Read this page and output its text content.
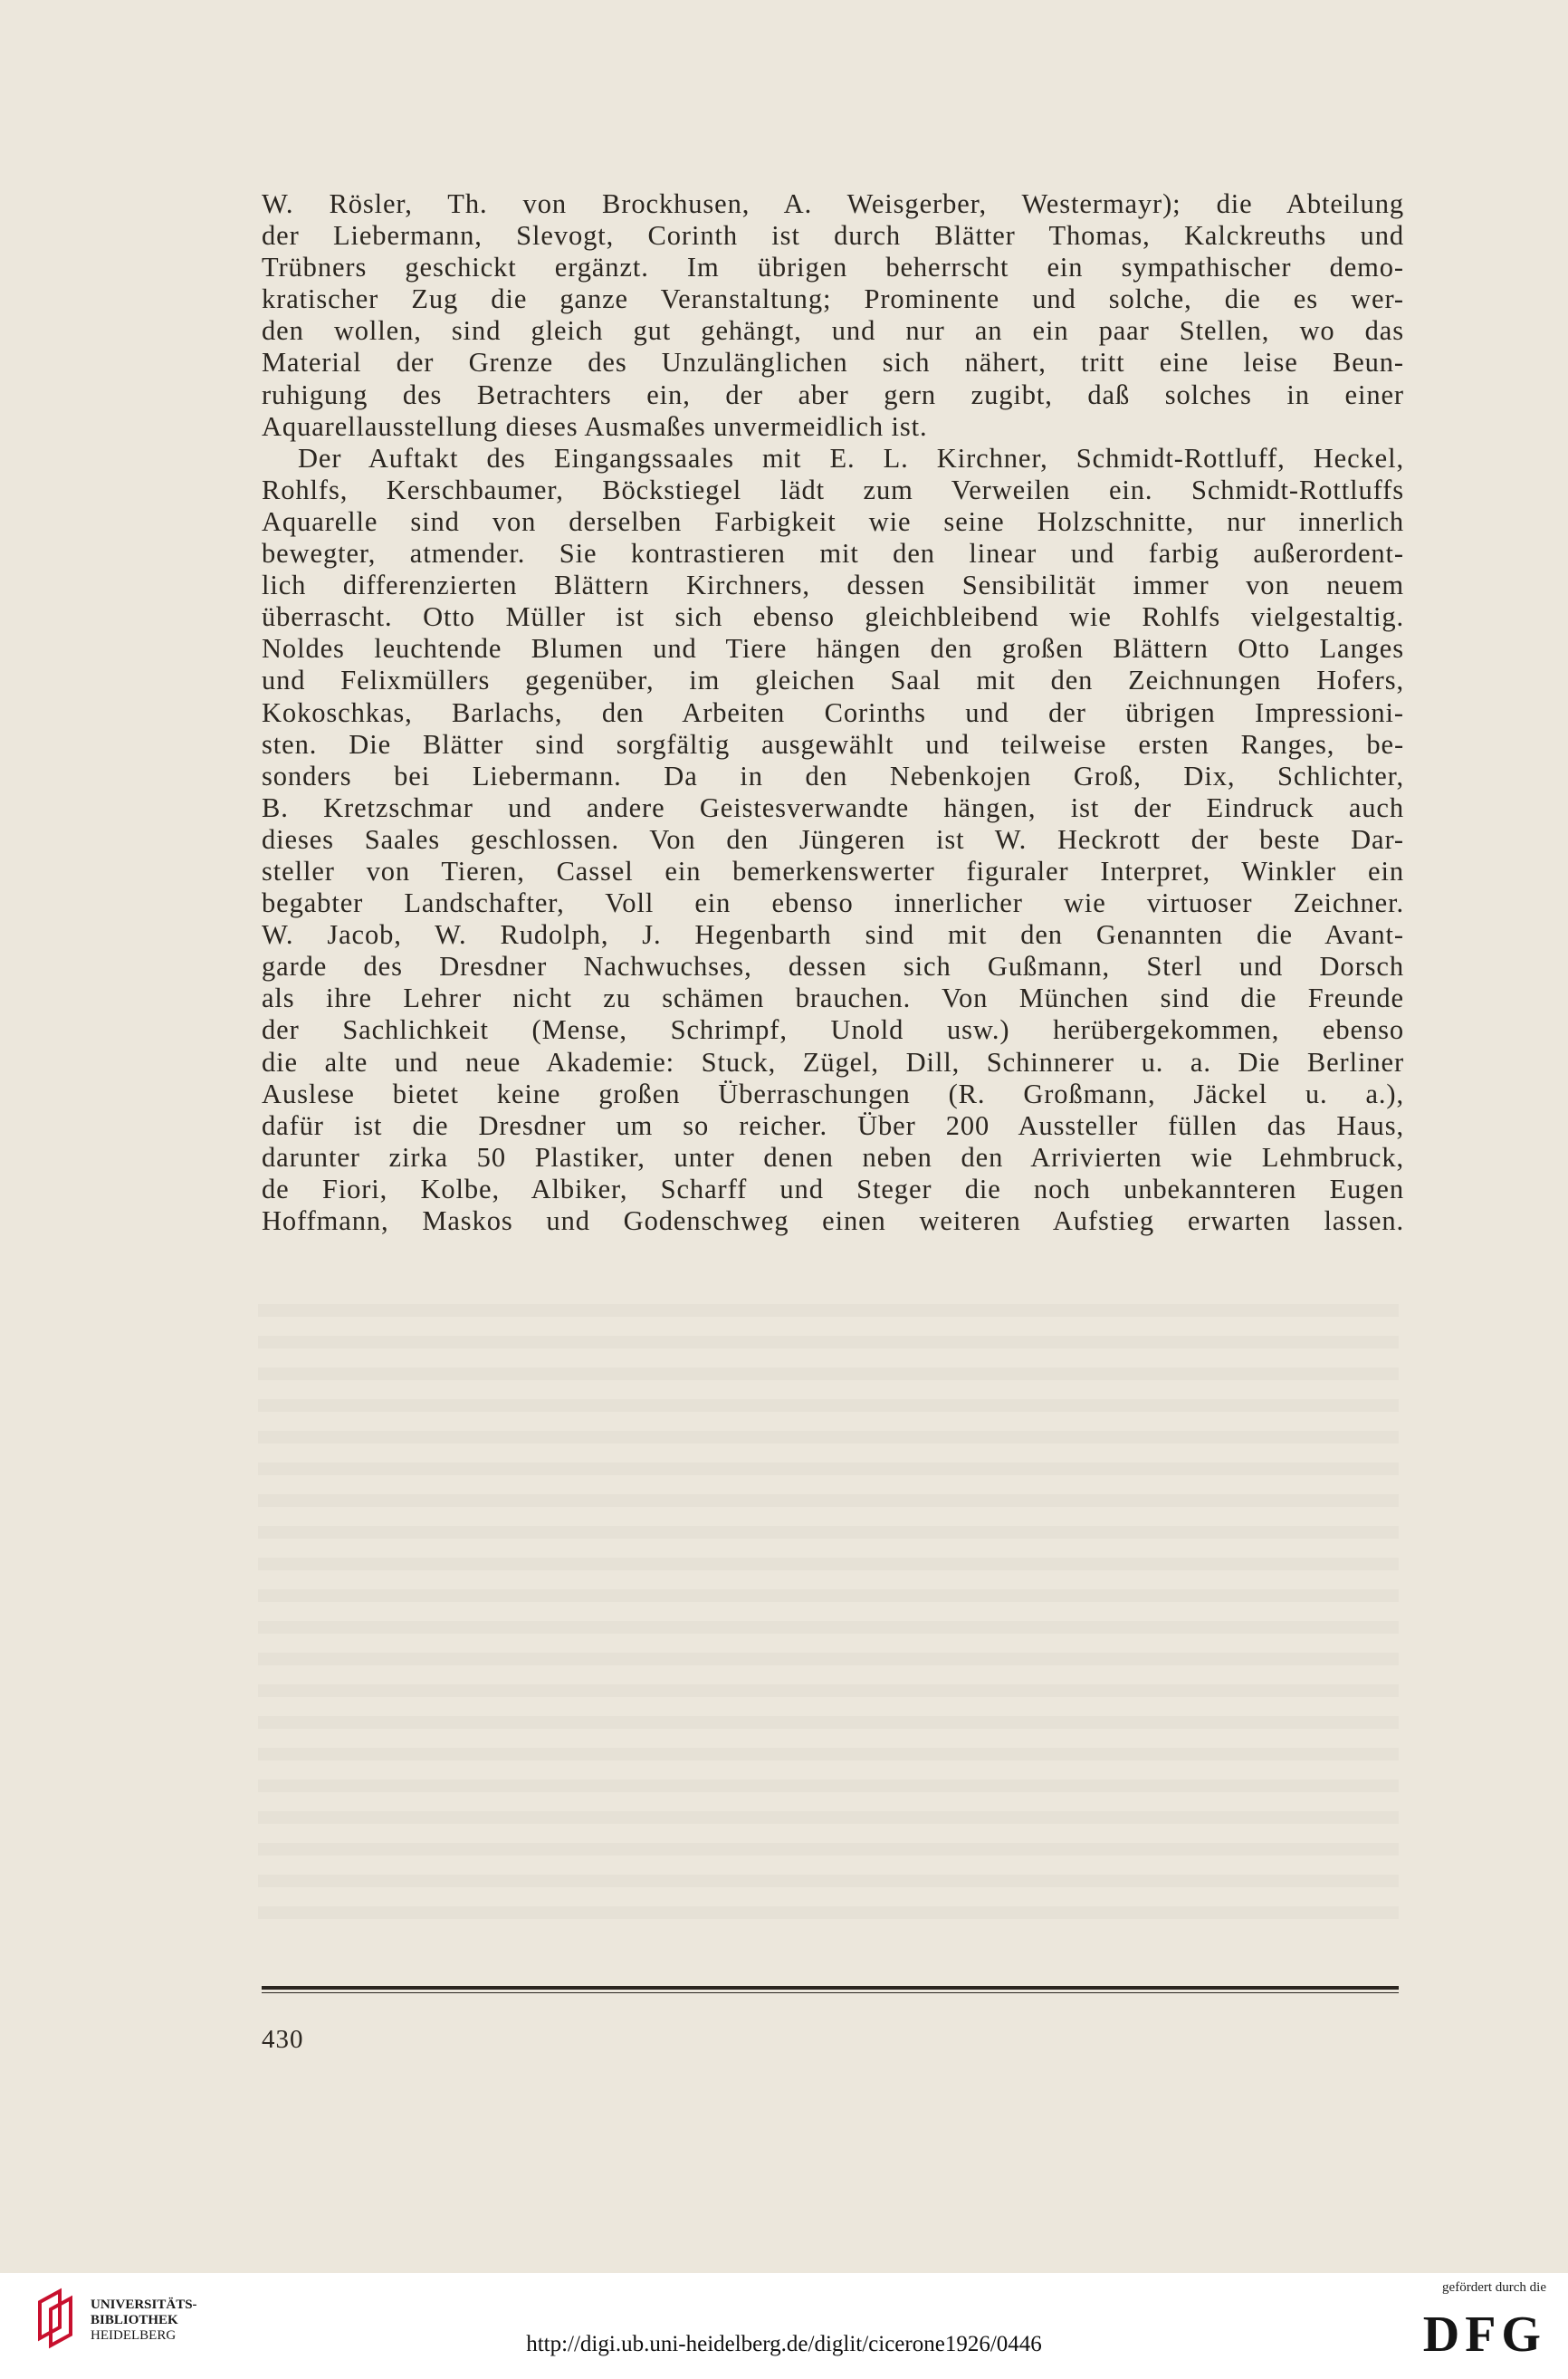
W. Rösler, Th. von Brockhusen, A. Weisgerber, Westermayr); die Abteilung
der Liebermann, Slevogt, Corinth ist durch Blätter Thomas, Kalckreuths und
Trübners geschickt ergänzt. Im übrigen beherrscht ein sympathischer demo-
kratischer Zug die ganze Veranstaltung; Prominente und solche, die es wer-
den wollen, sind gleich gut gehängt, und nur an ein paar Stellen, wo das
Material der Grenze des Unzulänglichen sich nähert, tritt eine leise Beun-
ruhigung des Betrachters ein, der aber gern zugibt, daß solches in einer
Aquarellausstellung dieses Ausmaßes unvermeidlich ist.
Der Auftakt des Eingangssaales mit E. L. Kirchner, Schmidt-Rottluff, Heckel,
Rohlfs, Kerschbaumer, Böckstiegel lädt zum Verweilen ein. Schmidt-Rottluffs
Aquarelle sind von derselben Farbigkeit wie seine Holzschnitte, nur innerlich
bewegter, atmender. Sie kontrastieren mit den linear und farbig außerordent-
lich differenzierten Blättern Kirchners, dessen Sensibilität immer von neuem
überrascht. Otto Müller ist sich ebenso gleichbleibend wie Rohlfs vielgestaltig.
Noldes leuchtende Blumen und Tiere hängen den großen Blättern Otto Langes
und Felixmüllers gegenüber, im gleichen Saal mit den Zeichnungen Hofers,
Kokoschkas, Barlachs, den Arbeiten Corinths und der übrigen Impressioni-
sten. Die Blätter sind sorgfältig ausgewählt und teilweise ersten Ranges, be-
sonders bei Liebermann. Da in den Nebenkojen Groß, Dix, Schlichter,
B. Kretzschmar und andere Geistesverwandte hängen, ist der Eindruck auch
dieses Saales geschlossen. Von den Jüngeren ist W. Heckrott der beste Dar-
steller von Tieren, Cassel ein bemerkenswerter figuraler Interpret, Winkler ein
begabter Landschafter, Voll ein ebenso innerlicher wie virtuoser Zeichner.
W. Jacob, W. Rudolph, J. Hegenbarth sind mit den Genannten die Avant-
garde des Dresdner Nachwuchses, dessen sich Gußmann, Sterl und Dorsch
als ihre Lehrer nicht zu schämen brauchen. Von München sind die Freunde
der Sachlichkeit (Mense, Schrimpf, Unold usw.) herübergekommen, ebenso
die alte und neue Akademie: Stuck, Zügel, Dill, Schinnerer u. a. Die Berliner
Auslese bietet keine großen Überraschungen (R. Großmann, Jäckel u. a.),
dafür ist die Dresdner um so reicher. Über 200 Aussteller füllen das Haus,
darunter zirka 50 Plastiker, unter denen neben den Arrivierten wie Lehmbruck,
de Fiori, Kolbe, Albiker, Scharff und Steger die noch unbekannteren Eugen
Hoffmann, Maskos und Godenschweg einen weiteren Aufstieg erwarten lassen.
430
UNIVERSITÄTS-
BIBLIOTHEK
HEIDELBERG	http://digi.ub.uni-heidelberg.de/diglit/cicerone1926/0446
gefördert durch die
DFG
